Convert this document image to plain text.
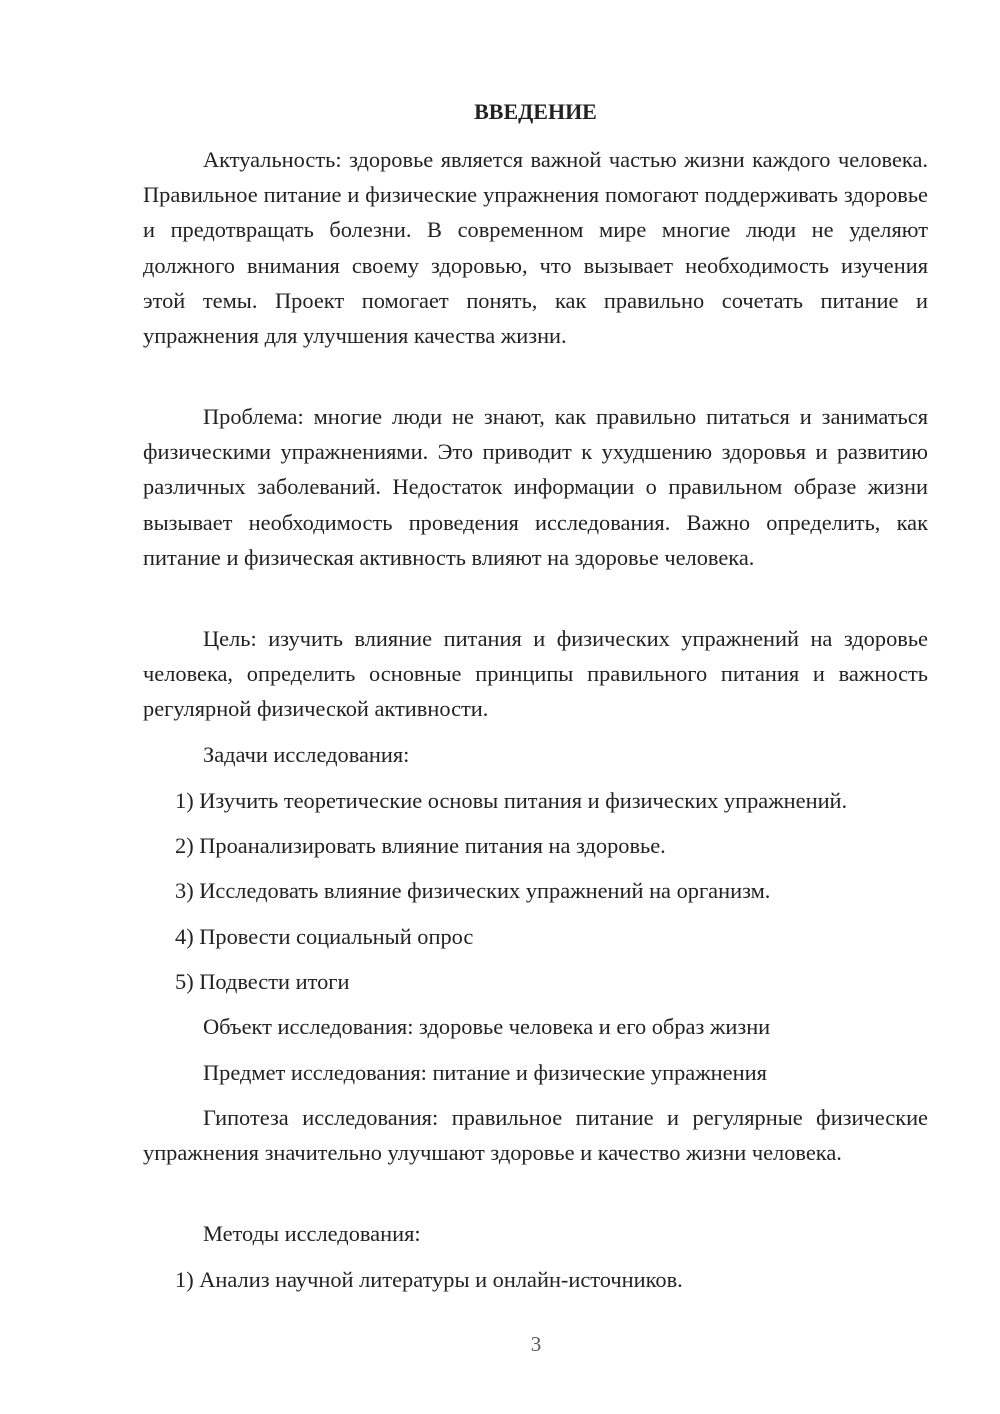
ВВЕДЕНИЕ

Актуальность: здоровье является важной частью жизни каждого человека. Правильное питание и физические упражнения помогают поддерживать здоровье и предотвращать болезни. В современном мире многие люди не уделяют должного внимания своему здоровью, что вызывает необходимость изучения этой темы. Проект помогает понять, как правильно сочетать питание и упражнения для улучшения качества жизни.

Проблема: многие люди не знают, как правильно питаться и заниматься физическими упражнениями. Это приводит к ухудшению здоровья и развитию различных заболеваний. Недостаток информации о правильном образе жизни вызывает необходимость проведения исследования. Важно определить, как питание и физическая активность влияют на здоровье человека.

Цель: изучить влияние питания и физических упражнений на здоровье человека, определить основные принципы правильного питания и важность регулярной физической активности.

Задачи исследования:

1) Изучить теоретические основы питания и физических упражнений.

2) Проанализировать влияние питания на здоровье.

3) Исследовать влияние физических упражнений на организм.

4) Провести социальный опрос

5) Подвести итоги

Объект исследования: здоровье человека и его образ жизни

Предмет исследования: питание и физические упражнения

Гипотеза исследования: правильное питание и регулярные физические упражнения значительно улучшают здоровье и качество жизни человека.

Методы исследования:

1) Анализ научной литературы и онлайн-источников.

3
